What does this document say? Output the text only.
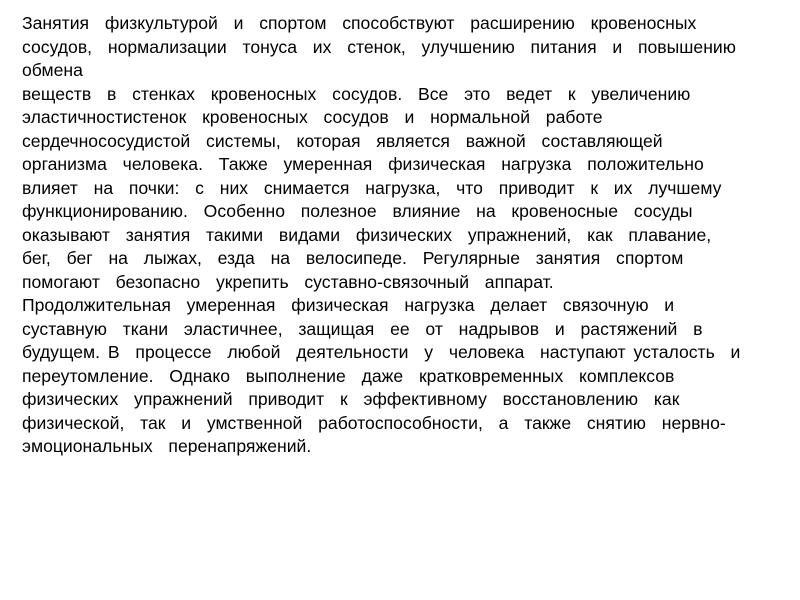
Занятия  физкультурой  и  спортом  способствуют  расширению  кровеносных
сосудов,  нормализации  тонуса  их  стенок,  улучшению  питания  и  повышению
обмена
веществ  в  стенках  кровеносных  сосудов.  Все  это  ведет  к  увеличению
эластичностистенок  кровеносных  сосудов  и  нормальной  работе
сердечнососудистой  системы,  которая  является  важной  составляющей
организма  человека.  Также  умеренная  физическая  нагрузка  положительно
влияет  на  почки:  с  них  снимается  нагрузка,  что  приводит  к  их  лучшему
функционированию.  Особенно  полезное  влияние  на  кровеносные  сосуды
оказывают  занятия  такими  видами  физических  упражнений,  как  плавание,
бег,  бег  на  лыжах,  езда  на  велосипеде.  Регулярные  занятия  спортом
помогают  безопасно  укрепить  суставно-связочный  аппарат.
Продолжительная  умеренная  физическая  нагрузка  делает  связочную  и
суставную  ткани  эластичнее,  защищая  ее  от  надрывов  и  растяжений  в
будущем. В  процессе  любой  деятельности  у  человека  наступают усталость  и
переутомление.  Однако  выполнение  даже  кратковременных  комплексов
физических  упражнений  приводит  к  эффективному  восстановлению  как
физической,  так  и  умственной  работоспособности,  а  также  снятию  нервно-
эмоциональных  перенапряжений.
